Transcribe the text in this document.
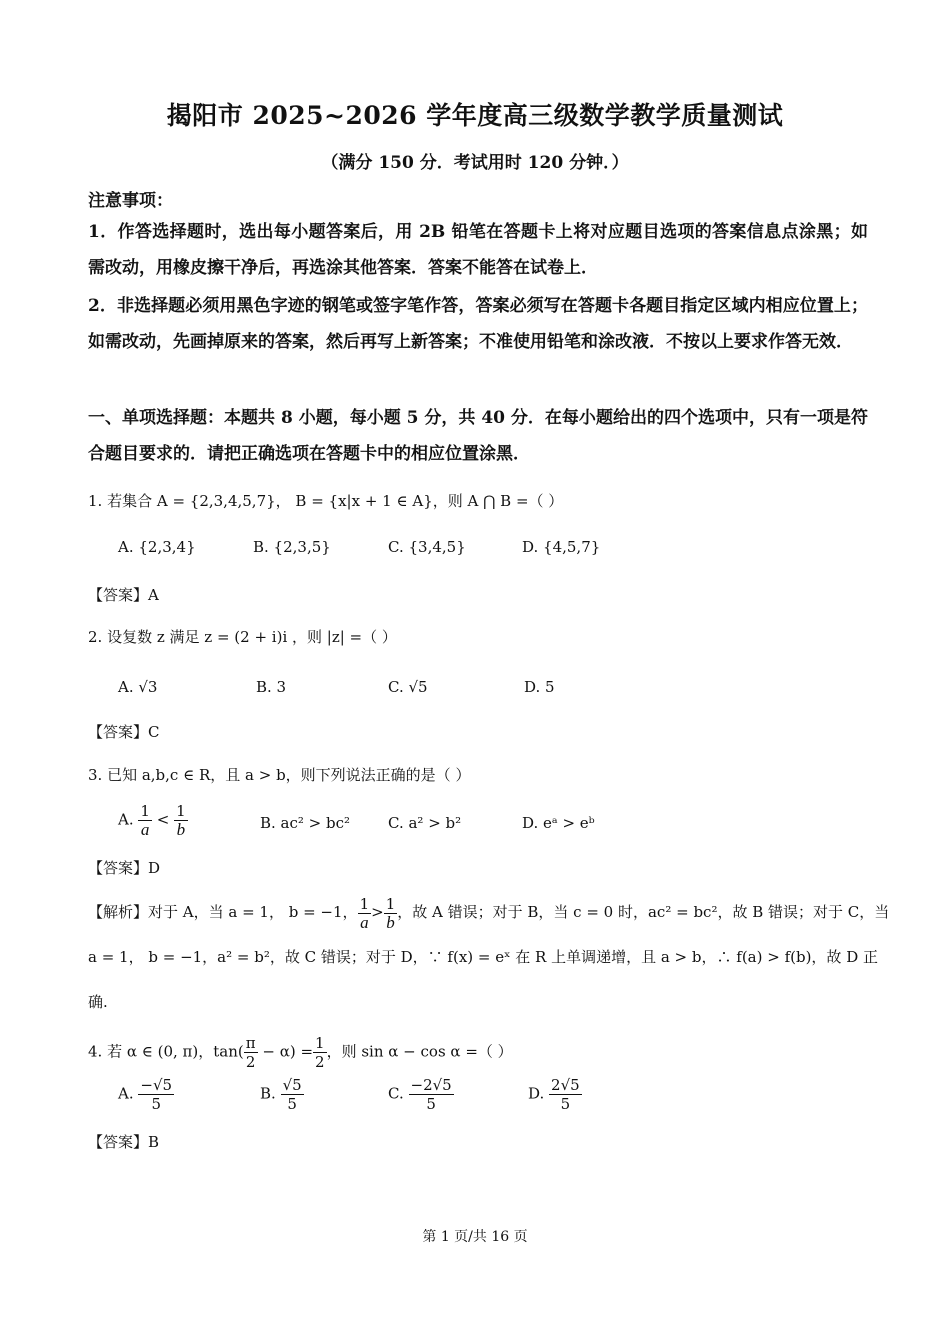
揭阳市 2025~2026 学年度高三级数学教学质量测试
（满分 150 分．考试用时 120 分钟．）
注意事项：
1．作答选择题时，选出每小题答案后，用 2B 铅笔在答题卡上将对应题目选项的答案信息点涂黑；如需改动，用橡皮擦干净后，再选涂其他答案．答案不能答在试卷上．
2．非选择题必须用黑色字迹的钢笔或签字笔作答，答案必须写在答题卡各题目指定区域内相应位置上；如需改动，先画掉原来的答案，然后再写上新答案；不准使用铅笔和涂改液．不按以上要求作答无效．
一、单项选择题：本题共 8 小题，每小题 5 分，共 40 分．在每小题给出的四个选项中，只有一项是符合题目要求的．请把正确选项在答题卡中的相应位置涂黑．
1. 若集合 A = {2,3,4,5,7}， B = {x|x + 1 ∈ A}，则 A ⋂ B =（ ）
A. {2,3,4}	B. {2,3,5}	C. {3,4,5}	D. {4,5,7}
【答案】A
2. 设复数 z 满足 z = (2 + i)i ，则 |z| =（ ）
A. √3	B. 3	C. √5	D. 5
【答案】C
3. 已知 a,b,c ∈ R，且 a > b，则下列说法正确的是（ ）
A. $\frac{1}{a} < \frac{1}{b}$	B. ac² > bc²	C. a² > b²	D. eᵃ > eᵇ
【答案】D
【解析】对于 A，当 a = 1， b = −1， $\frac{1}{a} > \frac{1}{b}$ ，故 A 错误；对于 B，当 c = 0 时，ac² = bc²，故 B 错误；对于 C，当
a = 1， b = −1，a² = b²，故 C 错误；对于 D，∵ f(x) = eˣ 在 R 上单调递增，且 a > b，∴ f(a) > f(b)，故 D 正
确.
4. 若 α ∈ (0, π)，$\tan( \frac{\pi}{2} - \alpha) = \frac{1}{2}$ ，则 sin α − cos α =（ ）
A. $\frac{-√5}{5}$	B. $\frac{√5}{5}$	C. $\frac{-2√5}{5}$	D. $\frac{2√5}{5}$
【答案】B
第 1 页/共 16 页
